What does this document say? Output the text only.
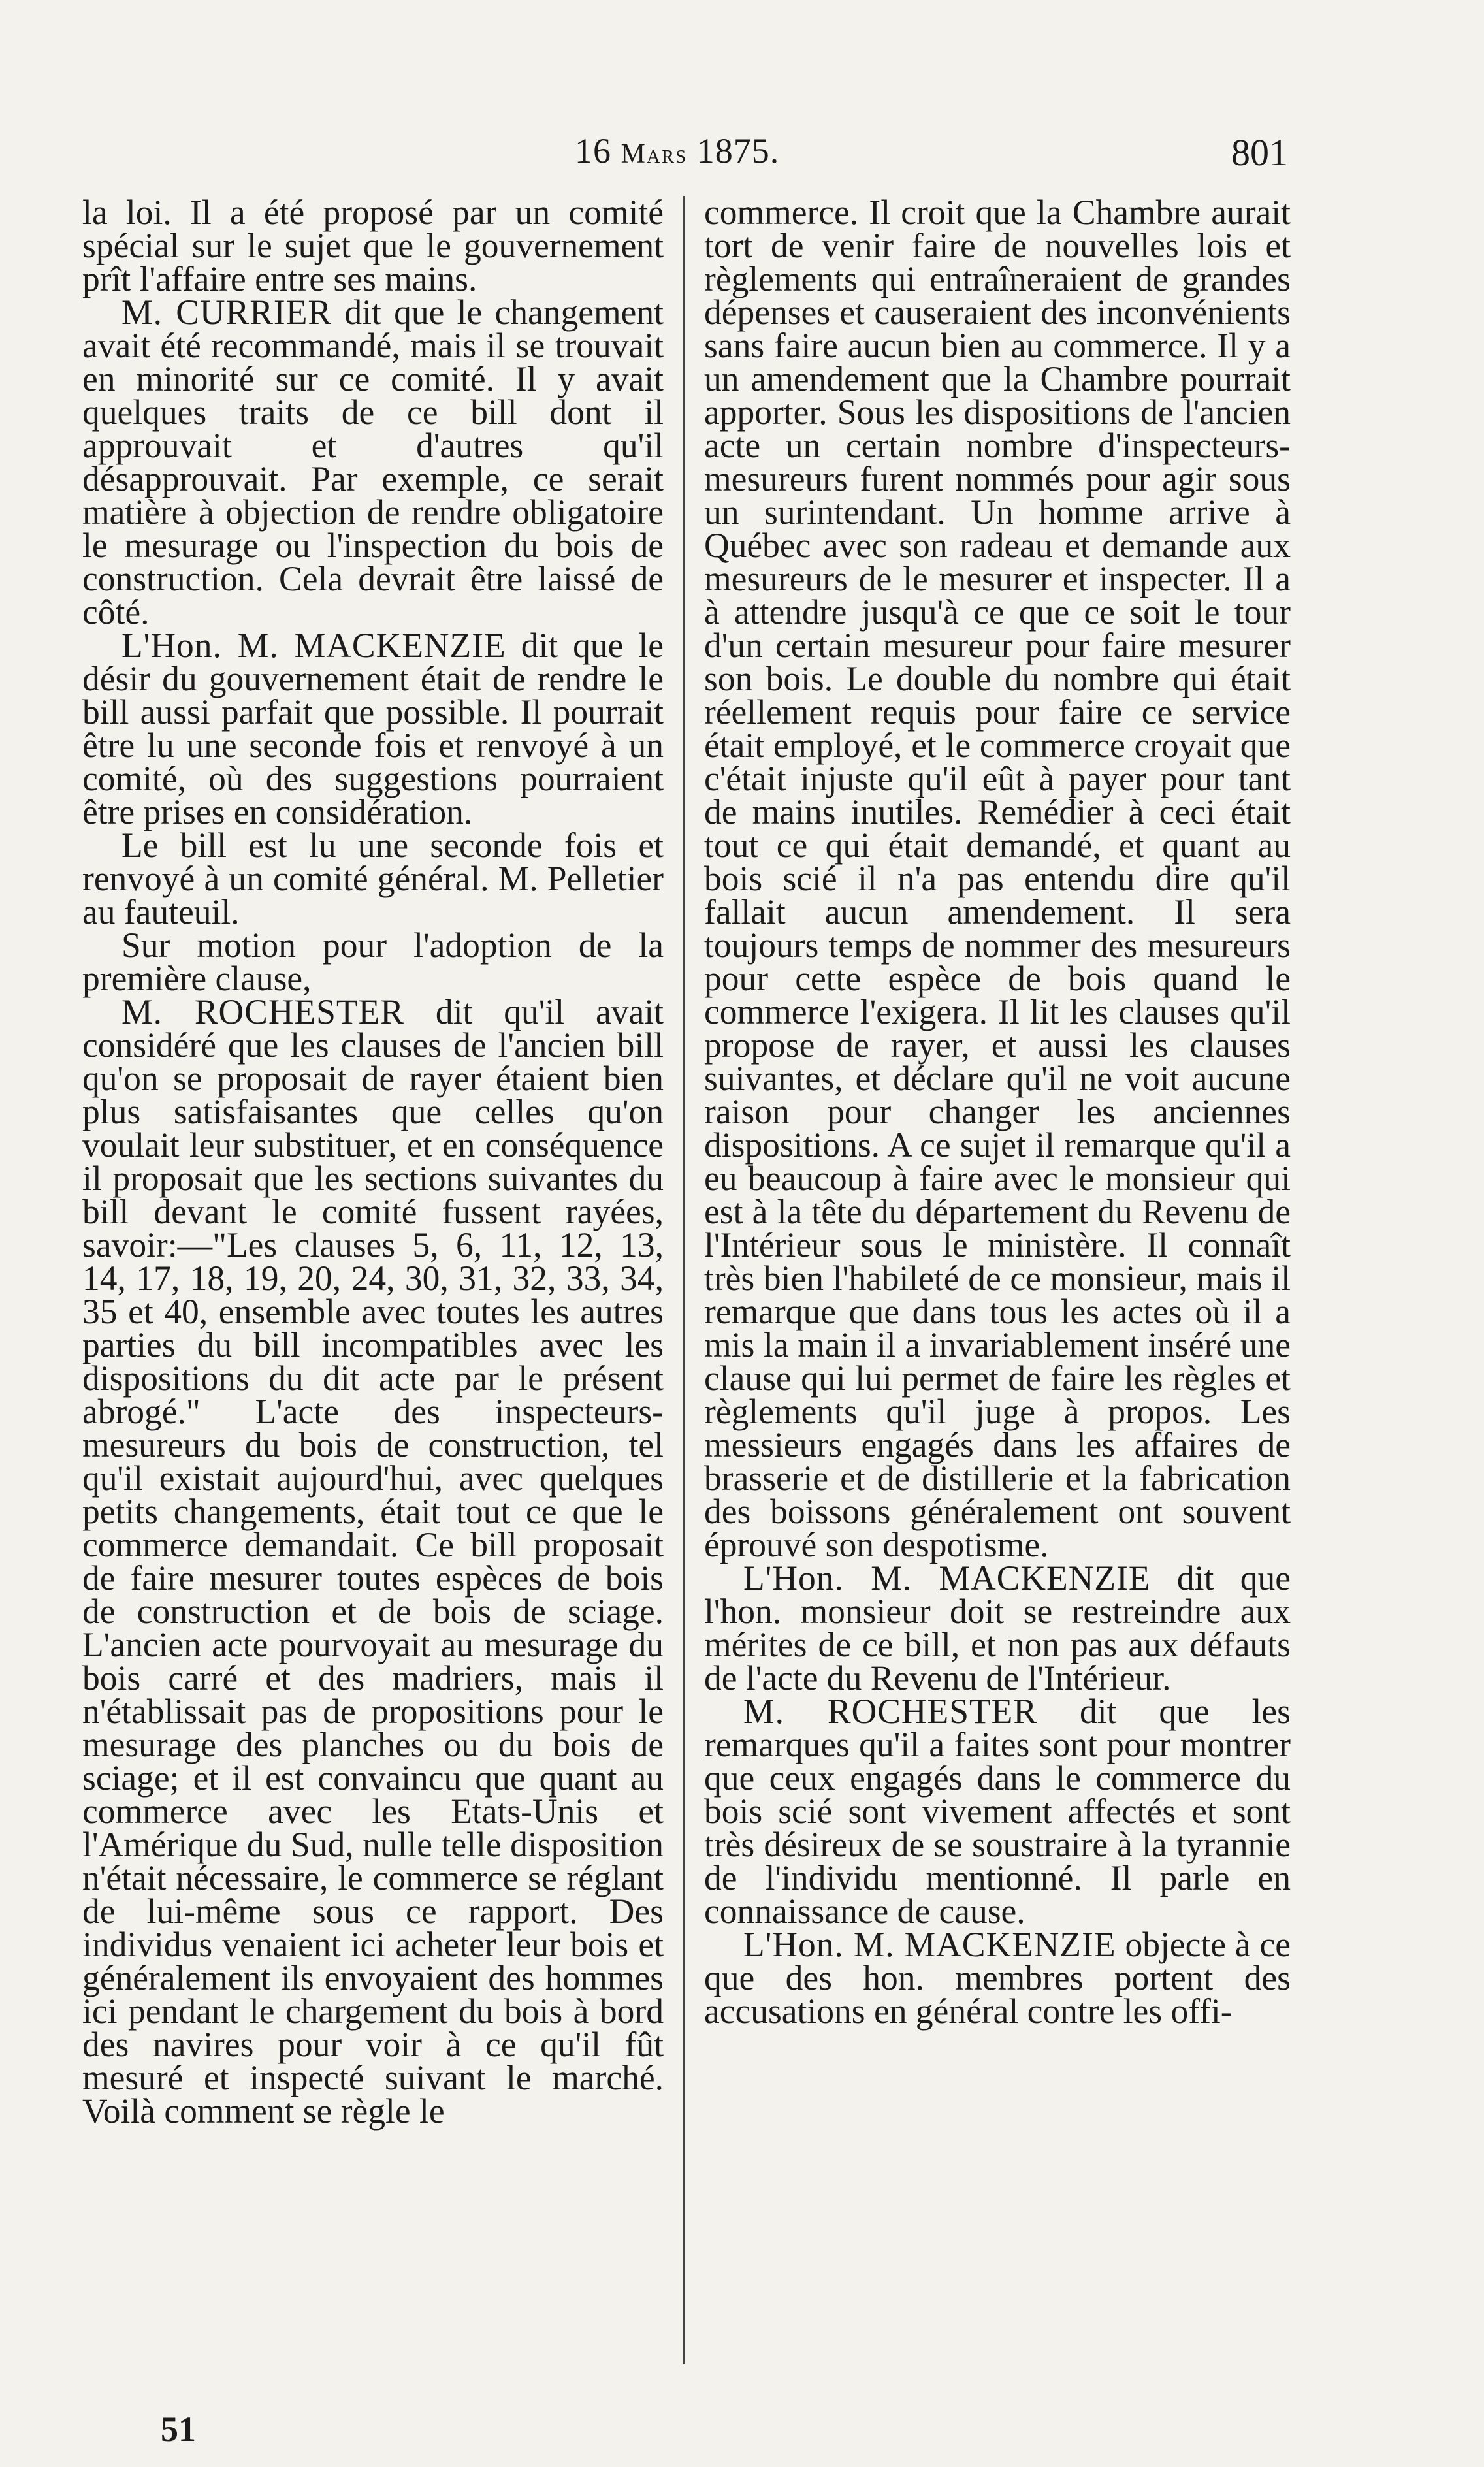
16 Mars 1875.	801

la loi. Il a été proposé par un comité spécial sur le sujet que le gouvernement prît l'affaire entre ses mains.

M. CURRIER dit que le changement avait été recommandé, mais il se trouvait en minorité sur ce comité. Il y avait quelques traits de ce bill dont il approuvait et d'autres qu'il désapprouvait. Par exemple, ce serait matière à objection de rendre obligatoire le mesurage ou l'inspection du bois de construction. Cela devrait être laissé de côté.

L'Hon. M. MACKENZIE dit que le désir du gouvernement était de rendre le bill aussi parfait que possible. Il pourrait être lu une seconde fois et renvoyé à un comité, où des suggestions pourraient être prises en considération.

Le bill est lu une seconde fois et renvoyé à un comité général. M. Pelletier au fauteuil.

Sur motion pour l'adoption de la première clause,

M. ROCHESTER dit qu'il avait considéré que les clauses de l'ancien bill qu'on se proposait de rayer étaient bien plus satisfaisantes que celles qu'on voulait leur substituer, et en conséquence il proposait que les sections suivantes du bill devant le comité fussent rayées, savoir:—"Les clauses 5, 6, 11, 12, 13, 14, 17, 18, 19, 20, 24, 30, 31, 32, 33, 34, 35 et 40, ensemble avec toutes les autres parties du bill incompatibles avec les dispositions du dit acte par le présent abrogé." L'acte des inspecteurs-mesureurs du bois de construction, tel qu'il existait aujourd'hui, avec quelques petits changements, était tout ce que le commerce demandait. Ce bill proposait de faire mesurer toutes espèces de bois de construction et de bois de sciage. L'ancien acte pourvoyait au mesurage du bois carré et des madriers, mais il n'établissait pas de propositions pour le mesurage des planches ou du bois de sciage; et il est convaincu que quant au commerce avec les Etats-Unis et l'Amérique du Sud, nulle telle disposition n'était nécessaire, le commerce se réglant de lui-même sous ce rapport. Des individus venaient ici acheter leur bois et généralement ils envoyaient des hommes ici pendant le chargement du bois à bord des navires pour voir à ce qu'il fût mesuré et inspecté suivant le marché. Voilà comment se règle le

commerce. Il croit que la Chambre aurait tort de venir faire de nouvelles lois et règlements qui entraîneraient de grandes dépenses et causeraient des inconvénients sans faire aucun bien au commerce. Il y a un amendement que la Chambre pourrait apporter. Sous les dispositions de l'ancien acte un certain nombre d'inspecteurs-mesureurs furent nommés pour agir sous un surintendant. Un homme arrive à Québec avec son radeau et demande aux mesureurs de le mesurer et inspecter. Il a à attendre jusqu'à ce que ce soit le tour d'un certain mesureur pour faire mesurer son bois. Le double du nombre qui était réellement requis pour faire ce service était employé, et le commerce croyait que c'était injuste qu'il eût à payer pour tant de mains inutiles. Remédier à ceci était tout ce qui était demandé, et quant au bois scié il n'a pas entendu dire qu'il fallait aucun amendement. Il sera toujours temps de nommer des mesureurs pour cette espèce de bois quand le commerce l'exigera. Il lit les clauses qu'il propose de rayer, et aussi les clauses suivantes, et déclare qu'il ne voit aucune raison pour changer les anciennes dispositions. A ce sujet il remarque qu'il a eu beaucoup à faire avec le monsieur qui est à la tête du département du Revenu de l'Intérieur sous le ministère. Il connaît très bien l'habileté de ce monsieur, mais il remarque que dans tous les actes où il a mis la main il a invariablement inséré une clause qui lui permet de faire les règles et règlements qu'il juge à propos. Les messieurs engagés dans les affaires de brasserie et de distillerie et la fabrication des boissons généralement ont souvent éprouvé son despotisme.

L'Hon. M. MACKENZIE dit que l'hon. monsieur doit se restreindre aux mérites de ce bill, et non pas aux défauts de l'acte du Revenu de l'Intérieur.

M. ROCHESTER dit que les remarques qu'il a faites sont pour montrer que ceux engagés dans le commerce du bois scié sont vivement affectés et sont très désireux de se soustraire à la tyrannie de l'individu mentionné. Il parle en connaissance de cause.

L'Hon. M. MACKENZIE objecte à ce que des hon. membres portent des accusations en général contre les offi-

51
